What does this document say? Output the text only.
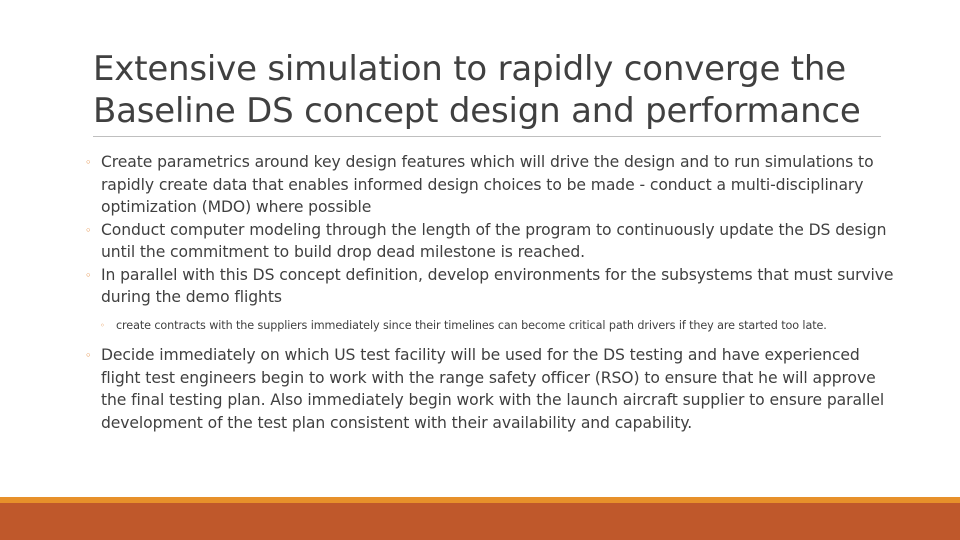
Extensive simulation to rapidly converge the Baseline DS concept design and performance
◦ Create parametrics around key design features which will drive the design and to run simulations to rapidly create data that enables informed design choices to be made - conduct a multi-disciplinary optimization (MDO) where possible
◦ Conduct computer modeling through the length of the program to continuously update the DS design until the commitment to build drop dead milestone is reached.
◦ In parallel with this DS concept definition, develop environments for the subsystems that must survive during the demo flights
◦ create contracts with the suppliers immediately since their timelines can become critical path drivers if they are started too late.
◦ Decide immediately on which US test facility will be used for the DS testing and have experienced flight test engineers begin to work with the range safety officer (RSO) to ensure that he will approve the final testing plan. Also immediately begin work with the launch aircraft supplier to ensure parallel development of the test plan consistent with their availability and capability.
